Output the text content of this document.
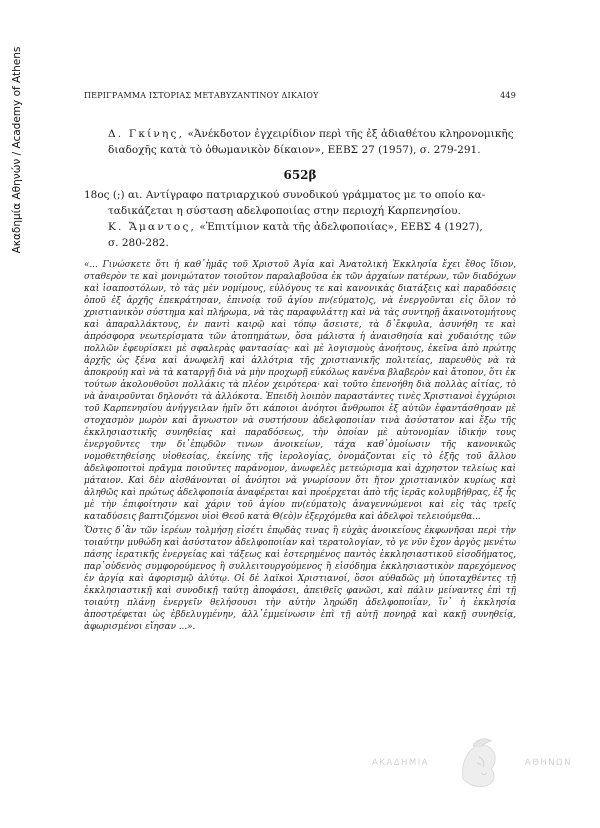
Ακαδημία Αθηνών / Academy of Athens	ΠΕΡΙΓΡΑΜΜΑ ΙΣΤΟΡΙΑΣ ΜΕΤΑΒΥΖΑΝΤΙΝΟΥ ΔΙΚΑΙΟΥ	449
Δ. Γκίνης, «Ἀνέκδοτον ἐγχειρίδιον περὶ τῆς ἐξ ἀδιαθέτου κληρονομικῆς
διαδοχῆς κατὰ τὸ ὀθωμανικὸν δίκαιον», ΕΕΒΣ 27 (1957), σ. 279-291.
652β
18ος (;) αι. Αντίγραφο πατριαρχικού συνοδικού γράμματος με το οποίο κα-
ταδικάζεται η σύσταση αδελφοποιίας στην περιοχή Καρπενησίου.
Κ. Ἄμαντος, «Ἐπιτίμιον κατὰ τῆς ἀδελφοποιίας», ΕΕΒΣ 4 (1927),
σ. 280-282.

«... Γινώσκετε ὅτι ἡ καθ᾽ἡμᾶς τοῦ Χριστοῦ Ἁγία καὶ Ἀνατολικὴ Ἐκκλησία ἔχει ἔθος ἴδιον, σταθερὸν τε καὶ μονιμώτατον τοιοῦτον παραλαβοῦσα ἐκ τῶν ἀρχαίων πατέρων, τῶν διαδόχων καὶ ἰσαποστόλων, τὸ τὰς μὲν νομίμους, εὐλόγους τε καὶ κανονικὰς διατάξεις καὶ παραδόσεις ὁποῦ ἐξ ἀρχῆς ἐπεκράτησαν, ἐπινοίᾳ τοῦ ἁγίου πν(εύματο)ς, νὰ ἐνεργοῦνται εἰς ὅλον τὸ χριστιανικὸν σύστημα καὶ πλήρωμα, νὰ τὰς παραφυλάττῃ καὶ νὰ τὰς συντηρῇ ἀκαινοτομήτους καὶ ἀπαραλλάκτους, ἐν παντὶ καιρῷ καὶ τόπῳ ἄσειστε, τὰ δ᾽ἔκφυλα, ἀσυνήθη τε καὶ ἀπρόσφορα νεωτερίσματα τῶν ἀτοπημάτων, ὅσα μάλιστα ἡ ἀναισθησία καὶ χυδαιότης τῶν πολλῶν ἐφευρίσκει μὲ σφαλερὰς φαντασίας· καὶ μὲ λογισμοὺς ἀνοήτους, ἐκεῖνα ἀπὸ πρώτης ἀρχῆς ὡς ξένα καὶ ἀνωφελῆ καὶ ἀλλότρια τῆς χριστιανικῆς πολιτείας, παρευθὺς νὰ τὰ ἀποκρούῃ καὶ νὰ τὰ καταργῇ διὰ νὰ μὴν προχωρῇ εὐκόλως κανένα βλαβερὸν καὶ ἄτοπον, ὅτι ἐκ τούτων ἀκολουθοῦσι πολλάκις τὰ πλέον χειρότερα· καὶ τοῦτο ἐπενοήθη διὰ πολλὰς αἰτίας, τὸ νὰ ἀναιροῦνται δηλονότι τὰ ἀλλόκοτα. Ἐπειδὴ λοιπὸν παραστάντες τινὲς Χριστιανοὶ ἐγχώριοι τοῦ Καρπενησίου ἀνήγγειλαν ἡμῖν ὅτι κάποιοι ἀνόητοι ἄνθρωποι ἐξ αὐτῶν ἐφαντάσθησαν μὲ στοχασμὸν μωρὸν καὶ ἄγνωστον νὰ συστήσουν ἀδελφοποιίαν τινὰ ἀσύστατον καὶ ἔξω τῆς ἐκκλησιαστικῆς συνηθείας καὶ παραδόσεως, τὴν ὁποίαν μὲ αὐτονομίαν ἰδικήν τους ἐνεργοῦντες την δι᾽ἐπῳδῶν τινων ἀνοικείων, τάχα καθ᾽ὁμοίωσιν τῆς κανονικῶς νομοθετηθείσης υἱοθεσίας, ἐκείνης τῆς ἱερολογίας, ὀνομάζονται εἰς τὸ ἑξῆς τοῦ ἄλλου ἀδελφοποιτοὶ πρᾶγμα ποιοῦντες παράνομον, ἀνωφελὲς μετεώρισμα καὶ ἀχρηστον τελείως καὶ μάταιον. Καὶ δὲν αἰσθάνονται οἱ ἀνόητοι νὰ γνωρίσουν ὅτι ἤτον χριστιανικὸν κυρίως καὶ ἀληθῶς καὶ πρώτως ἀδελφοποιία ἀναφέρεται καὶ προέρχεται ἀπὸ τῆς ἱερᾶς κολυμβήθρας, ἐξ ἧς μὲ τὴν ἐπιφοίτησιν καὶ χάριν τοῦ ἁγίου πν(εύματο)ς ἀναγεννώμενοι καὶ εἰς τὰς τρεῖς καταδύσεις βαπτιζόμενοι υἱοὶ Θεοῦ κατὰ Θ(εὸ)ν ἐξερχόμεθα καὶ ἀδελφοὶ τελειούμεθα...

Ὅστις δ᾽ἂν τῶν ἱερέων τολμήσῃ εἰσέτι ἐπῳδὰς τινας ἢ εὐχὰς ἀνοικείους ἐκφωνῆσαι περὶ τὴν τοιαύτην μυθώδη καὶ ἀσύστατον ἀδελφοποιίαν καὶ τερατολογίαν, τὸ γε νῦν ἔχον ἀργὸς μενέτω πάσης ἱερατικῆς ἐνεργείας καὶ τάξεως καὶ ἐστερημένος παντὸς ἐκκλησιαστικοῦ εἰσοδήματος, παρ᾽οὐδενὸς συμφορούμενος ἢ συλλειτουργούμενος ἢ εἰσόδημα ἐκκλησιαστικὸν παρεχόμενος ἐν ἀργίᾳ καὶ ἀφορισμῷ ἀλύτῳ. Οἱ δὲ λαϊκοὶ Χριστιανοί, ὅσοι αὐθαδῶς μὴ ὑποταχθέντες τῇ ἐκκλησιαστικῇ καὶ συνοδικῇ ταύτῃ ἀποφάσει, ἀπειθεῖς φανῶσι, καὶ πάλιν μείναντες ἐπὶ τῇ τοιαύτῃ πλάνῃ ἐνεργεῖν θελήσουσι τὴν αὐτὴν ληρώδη ἀδελφοποιΐαν, ἵν᾽ ἡ ἐκκλησία ἀποστρέφεται ὡς ἐβδελυγμένην, ἀλλ᾽ἐμμείνωσιν ἐπὶ τῇ αὐτῇ πονηρᾷ καὶ κακῇ συνηθείᾳ, ἀφωρισμένοι εἴησαν ...».

ΑΚΑΔΗΜΙΑ	ΑΘΗΝΩΝ
